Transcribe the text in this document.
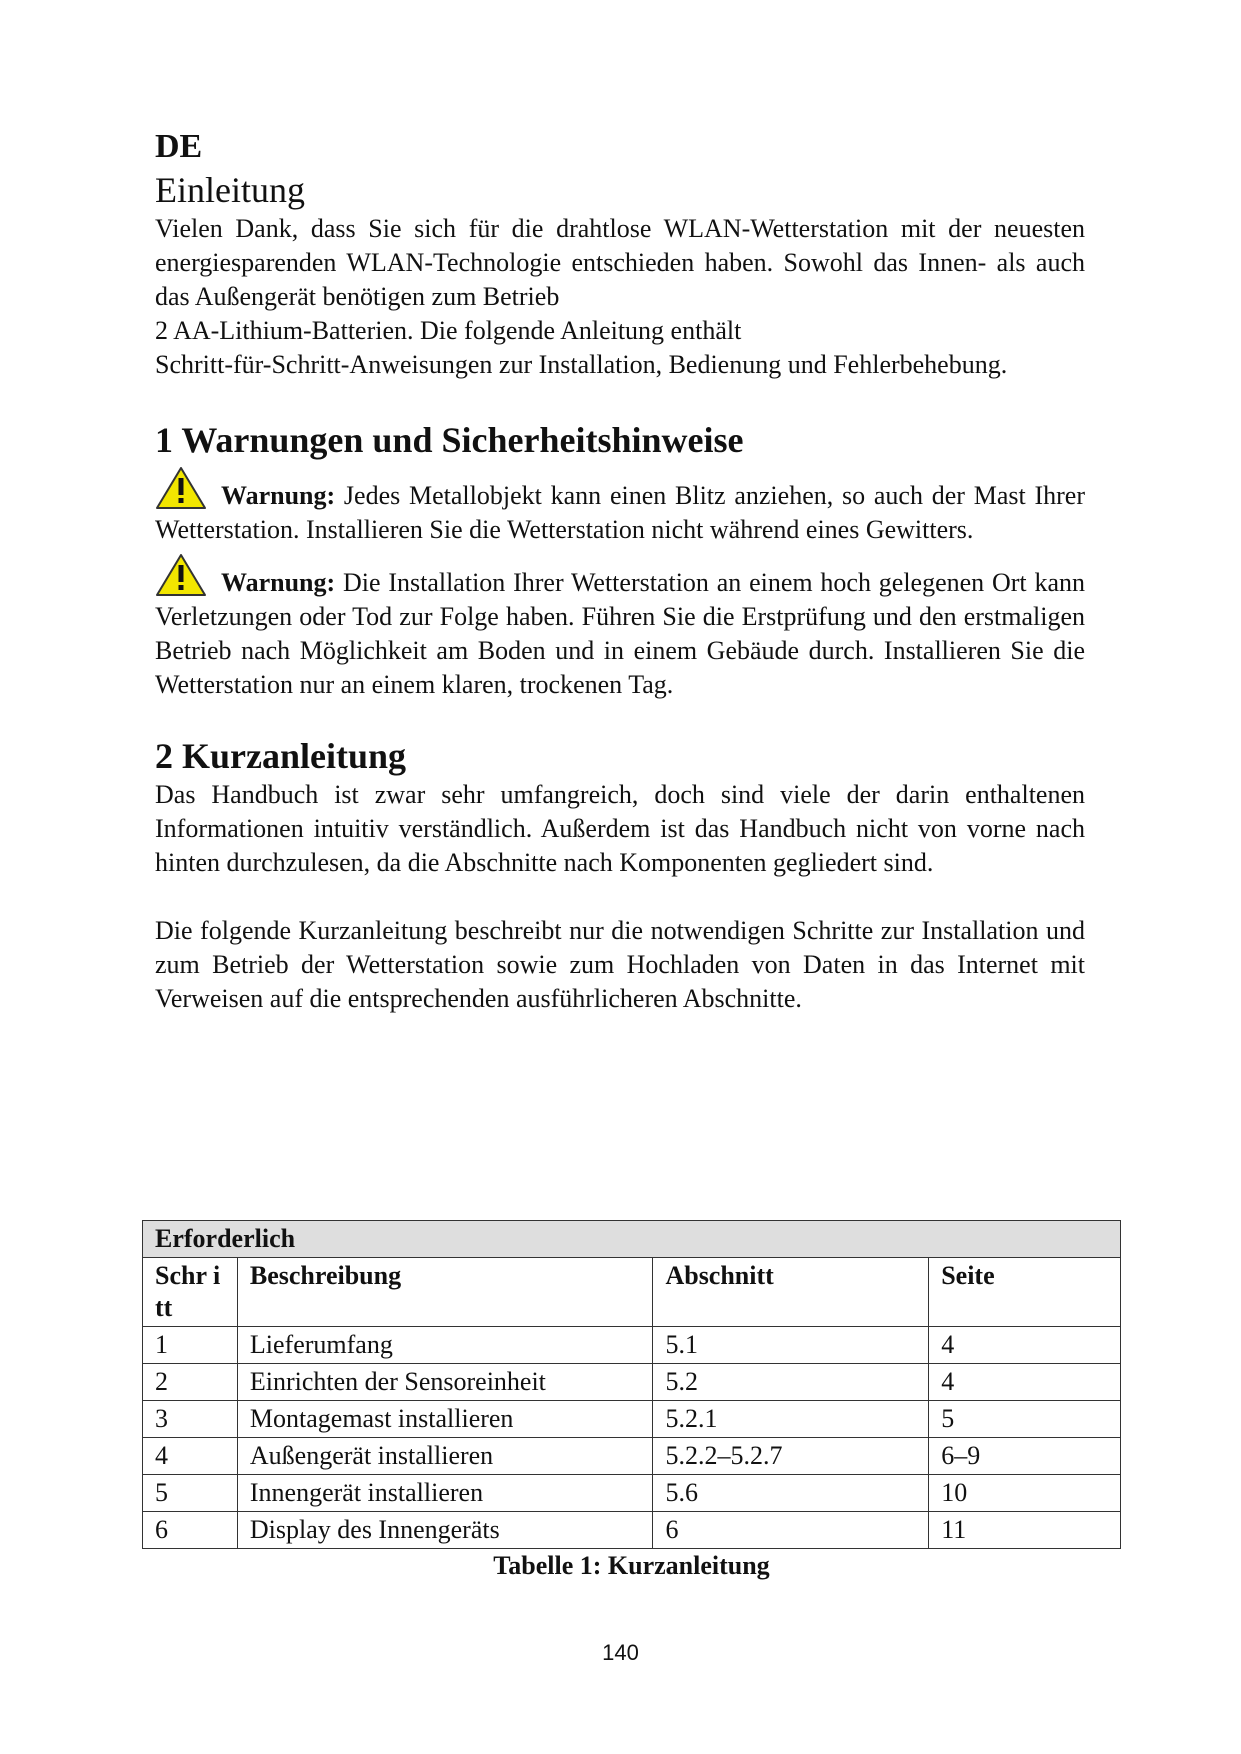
DE

Einleitung

Vielen Dank, dass Sie sich für die drahtlose WLAN-Wetterstation mit der neuesten energiesparenden WLAN-Technologie entschieden haben. Sowohl das Innen- als auch das Außengerät benötigen zum Betrieb

2 AA-Lithium-Batterien. Die folgende Anleitung enthält

Schritt-für-Schritt-Anweisungen zur Installation, Bedienung und Fehlerbehebung.

1 Warnungen und Sicherheitshinweise

Warnung: Jedes Metallobjekt kann einen Blitz anziehen, so auch der Mast Ihrer Wetterstation. Installieren Sie die Wetterstation nicht während eines Gewitters.

Warnung: Die Installation Ihrer Wetterstation an einem hoch gelegenen Ort kann Verletzungen oder Tod zur Folge haben. Führen Sie die Erstprüfung und den erstmaligen Betrieb nach Möglichkeit am Boden und in einem Gebäude durch. Installieren Sie die Wetterstation nur an einem klaren, trockenen Tag.

2 Kurzanleitung

Das Handbuch ist zwar sehr umfangreich, doch sind viele der darin enthaltenen Informationen intuitiv verständlich. Außerdem ist das Handbuch nicht von vorne nach hinten durchzulesen, da die Abschnitte nach Komponenten gegliedert sind.

Die folgende Kurzanleitung beschreibt nur die notwendigen Schritte zur Installation und zum Betrieb der Wetterstation sowie zum Hochladen von Daten in das Internet mit Verweisen auf die entsprechenden ausführlicheren Abschnitte.

Erforderlich			
Schr itt	Beschreibung	Abschnitt	Seite
1	Lieferumfang	5.1	4
2	Einrichten der Sensoreinheit	5.2	4
3	Montagemast installieren	5.2.1	5
4	Außengerät installieren	5.2.2–5.2.7	6–9
5	Innengerät installieren	5.6	10
6	Display des Innengeräts	6	11
Tabelle 1: Kurzanleitung
140
